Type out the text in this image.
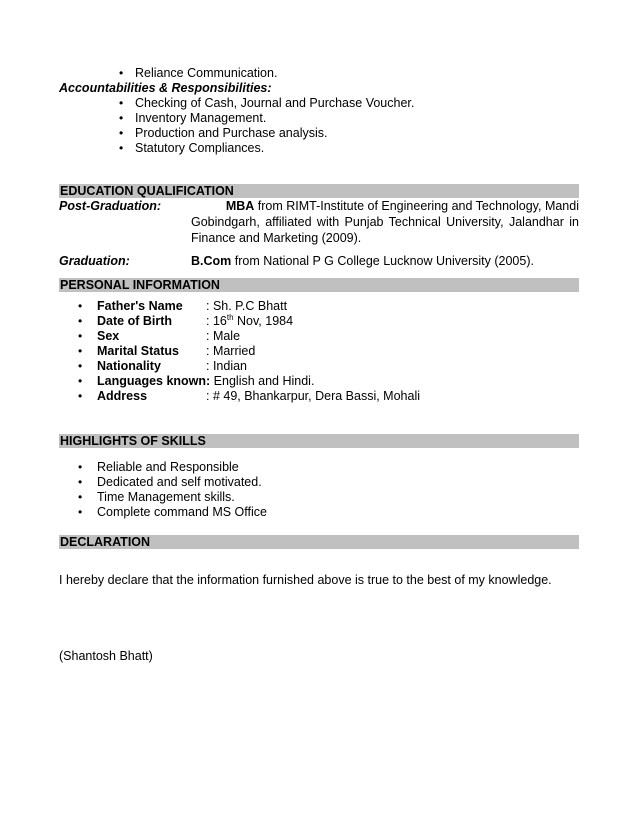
• Reliance Communication.
Accountabilities & Responsibilities:
• Checking of Cash, Journal and Purchase Voucher.
• Inventory Management.
• Production and Purchase analysis.
• Statutory Compliances.
EDUCATION QUALIFICATION
Post-Graduation:	MBA from RIMT-Institute of Engineering and Technology, Mandi
Gobindgarh, affiliated with Punjab Technical University, Jalandhar in
Finance and Marketing (2009).
Graduation:	B.Com from National P G College Lucknow University (2005).
PERSONAL INFORMATION
• Father's Name : Sh. P.C Bhatt
• Date of Birth	: 16th Nov, 1984
• Sex	: Male
• Marital Status : Married
• Nationality	: Indian
• Languages known: English and Hindi.
• Address	: # 49, Bhankarpur, Dera Bassi, Mohali
HIGHLIGHTS OF SKILLS
• Reliable and Responsible
• Dedicated and self motivated.
• Time Management skills.
• Complete command MS Office
DECLARATION
I hereby declare that the information furnished above is true to the best of my knowledge.
(Shantosh Bhatt)
